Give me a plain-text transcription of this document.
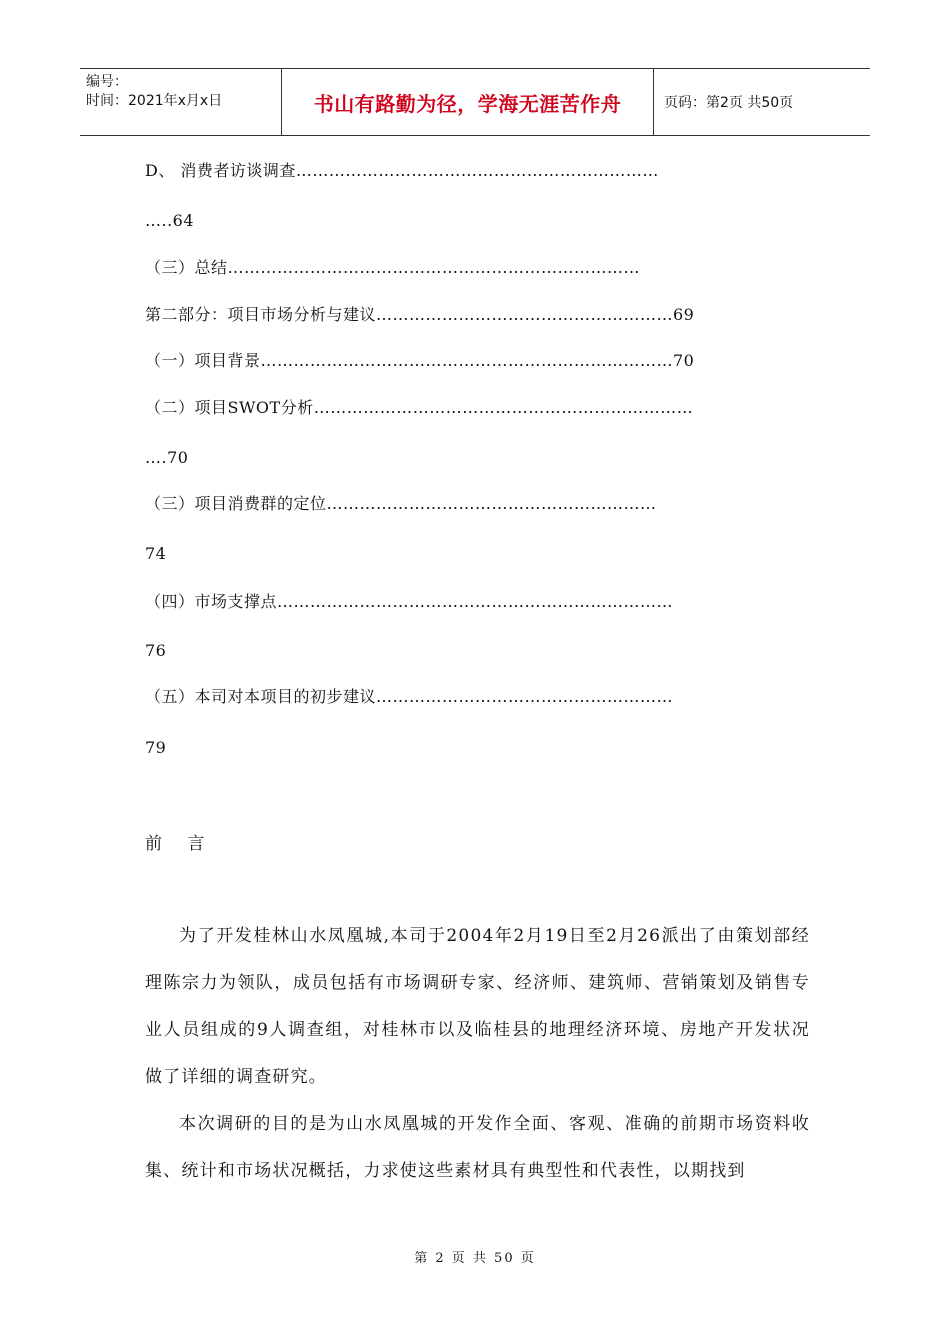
编号：
时间：2021年x月x日	书山有路勤为径，学海无涯苦作舟	页码：第2页 共50页
D、 消费者访谈调查…………………………………………………………
…..64
（三）总结…………………………………………………………………
第二部分：项目市场分析与建议………………………………………………69
（一）项目背景…………………………………………………………………70
（二）项目SWOT分析……………………………………………………………
….70
（三）项目消费群的定位……………………………………………………
74
（四）市场支撑点………………………………………………………………
76
（五）本司对本项目的初步建议………………………………………………
79
前 言

为了开发桂林山水凤凰城,本司于2004年2月19日至2月26派出了由策划部经理陈宗力为领队，成员包括有市场调研专家、经济师、建筑师、营销策划及销售专业人员组成的9人调查组，对桂林市以及临桂县的地理经济环境、房地产开发状况做了详细的调查研究。

本次调研的目的是为山水凤凰城的开发作全面、客观、准确的前期市场资料收集、统计和市场状况概括，力求使这些素材具有典型性和代表性，以期找到

第 2 页 共 50 页
